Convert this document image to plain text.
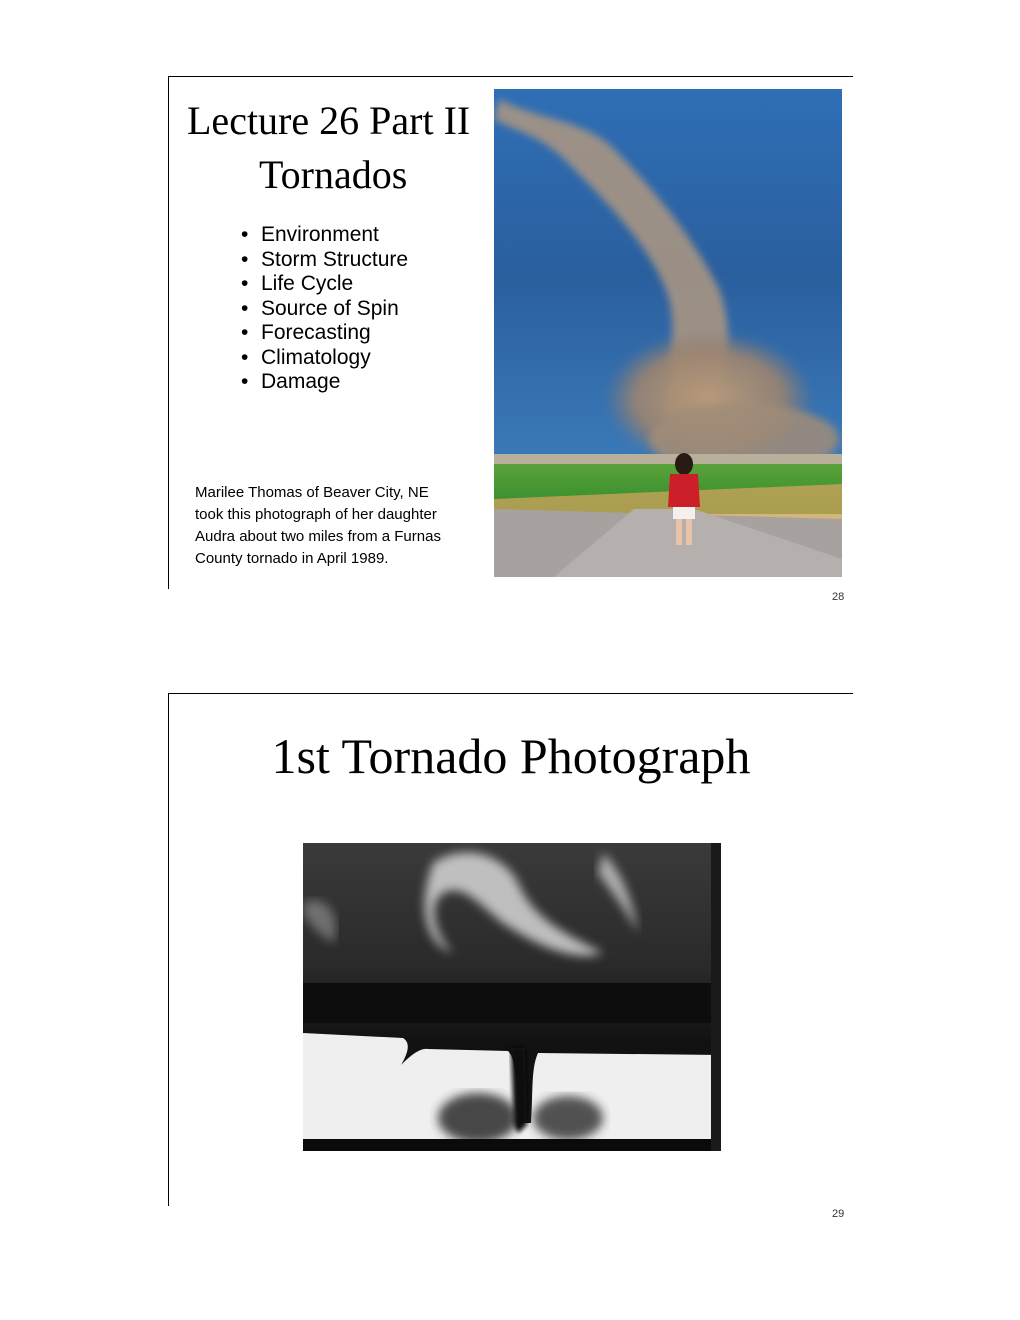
Lecture 26 Part II
Tornados
• Environment
• Storm Structure
• Life Cycle
• Source of Spin
• Forecasting
• Climatology
• Damage

Marilee Thomas of Beaver City, NE
took this photograph of her daughter
Audra about two miles from a Furnas
County tornado in April 1989.

28
1st Tornado Photograph
29
